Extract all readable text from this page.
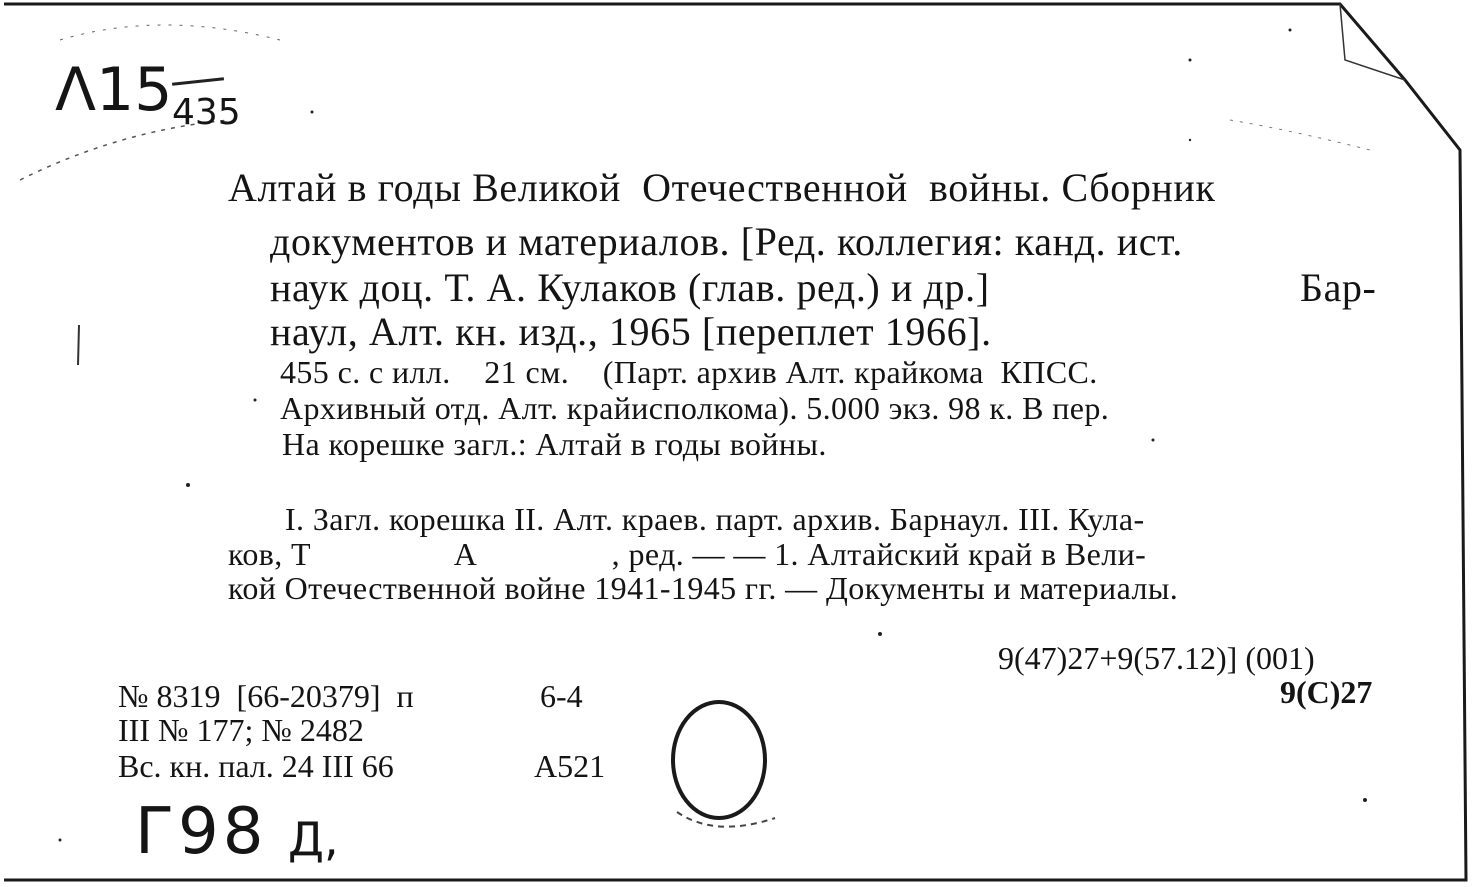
Λ15 435
Г98 Д,
Алтай в годы Великой  Отечественной  войны. Сборник
документов и материалов. [Ред. коллегия: канд. ист.
наук доц. Т. А. Кулаков (глав. ред.) и др.]	Бар-
наул, Алт. кн. изд., 1965 [переплет 1966].
455 с. с илл.    21 см.    (Парт. архив Алт. крайкома  КПСС.
Архивный отд. Алт. крайисполкома). 5.000 экз. 98 к. В пер.
На корешке загл.: Алтай в годы войны.
I. Загл. корешка II. Алт. краев. парт. архив. Барнаул. III. Кула-
ков, Т                 А                , ред. — — 1. Алтайский край в Вели-
кой Отечественной войне 1941-1945 гг. — Документы и материалы.
9(47)27+9(57.12)] (001)
9(С)27
№ 8319  [66-20379]  п	6-4
III № 177; № 2482
Вс. кн. пал. 24 III 66	А521
